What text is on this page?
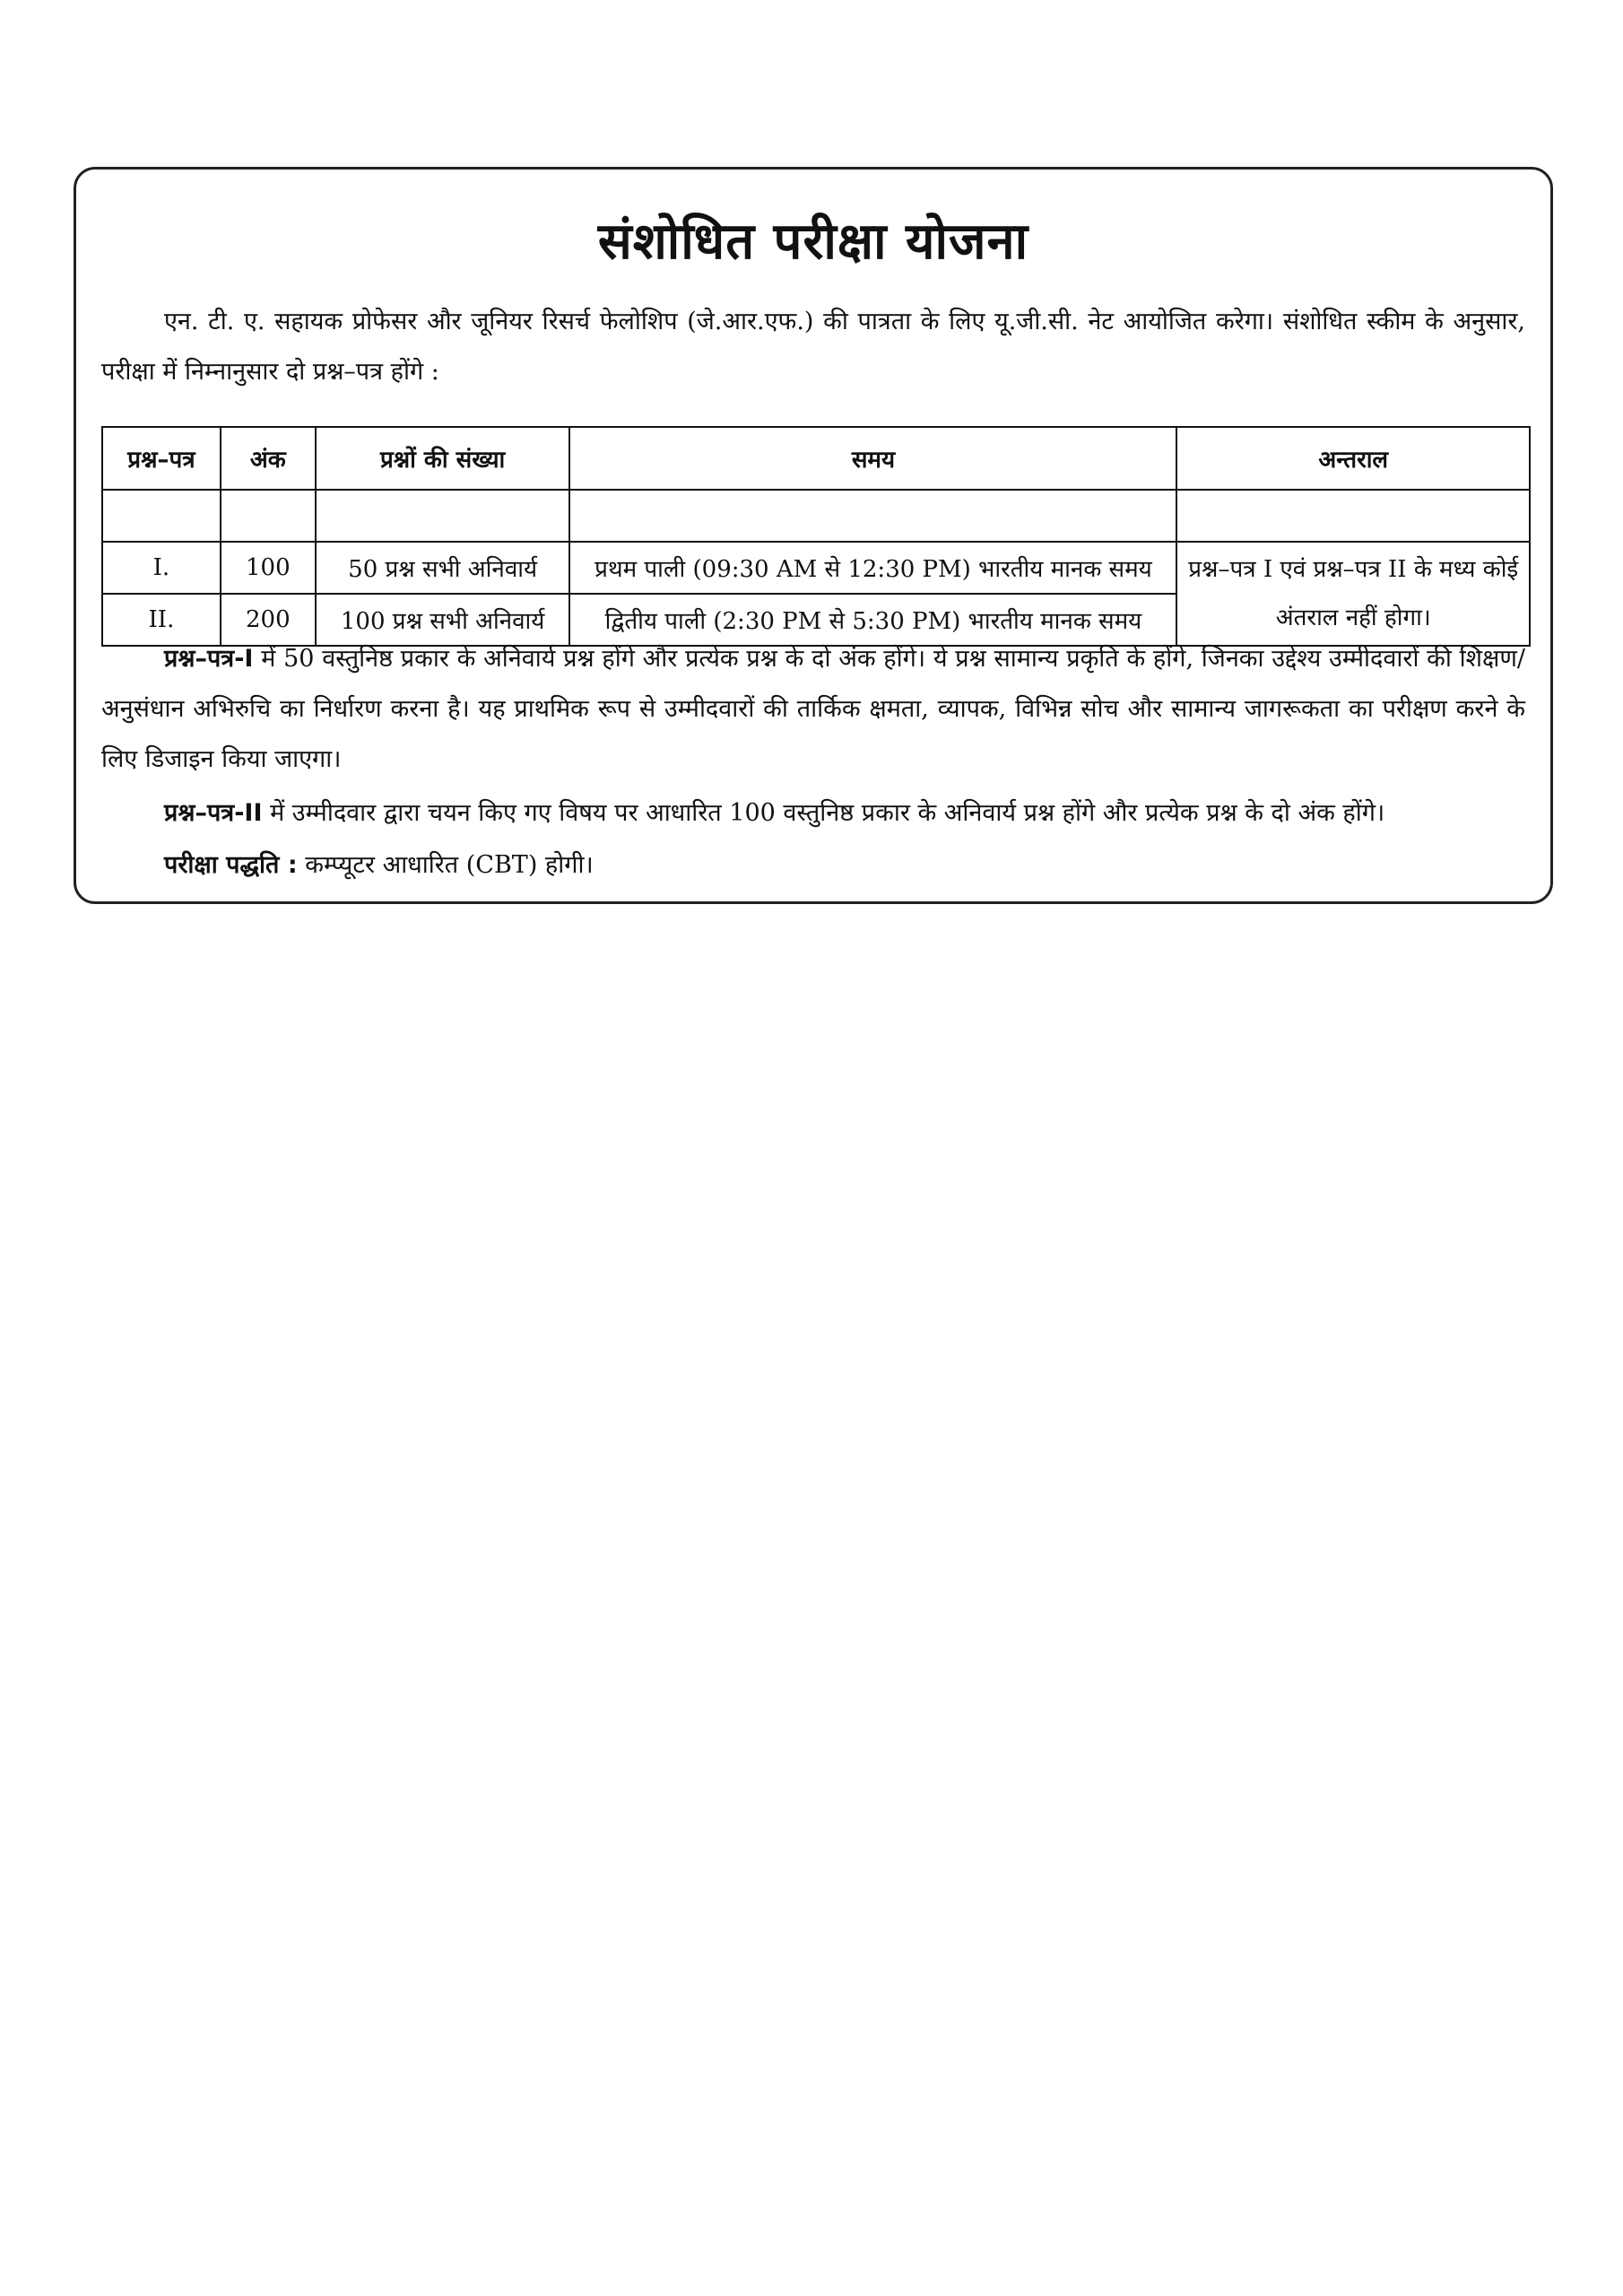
संशोधित परीक्षा योजना
एन. टी. ए. सहायक प्रोफेसर और जूनियर रिसर्च फेलोशिप (जे.आर.एफ.) की पात्रता के लिए यू.जी.सी. नेट आयोजित करेगा। संशोधित स्कीम के अनुसार, परीक्षा में निम्नानुसार दो प्रश्न–पत्र होंगे :
प्रश्न–पत्र	अंक	प्रश्नों की संख्या	समय	अन्तराल

I.	100	50 प्रश्न सभी अनिवार्य	प्रथम पाली (09:30 AM से 12:30 PM) भारतीय मानक समय	प्रश्न–पत्र I एवं प्रश्न–पत्र II के मध्य कोई अंतराल नहीं होगा।
II.	200	100 प्रश्न सभी अनिवार्य	द्वितीय पाली (2:30 PM से 5:30 PM) भारतीय मानक समय	
प्रश्न–पत्र-I में 50 वस्तुनिष्ठ प्रकार के अनिवार्य प्रश्न होंगे और प्रत्येक प्रश्न के दो अंक होंगे। ये प्रश्न सामान्य प्रकृति के होंगे, जिनका उद्देश्य उम्मीदवारों की शिक्षण/अनुसंधान अभिरुचि का निर्धारण करना है। यह प्राथमिक रूप से उम्मीदवारों की तार्किक क्षमता, व्यापक, विभिन्न सोच और सामान्य जागरूकता का परीक्षण करने के लिए डिजाइन किया जाएगा।
प्रश्न–पत्र-II में उम्मीदवार द्वारा चयन किए गए विषय पर आधारित 100 वस्तुनिष्ठ प्रकार के अनिवार्य प्रश्न होंगे और प्रत्येक प्रश्न के दो अंक होंगे।
परीक्षा पद्धति : कम्प्यूटर आधारित (CBT) होगी।
